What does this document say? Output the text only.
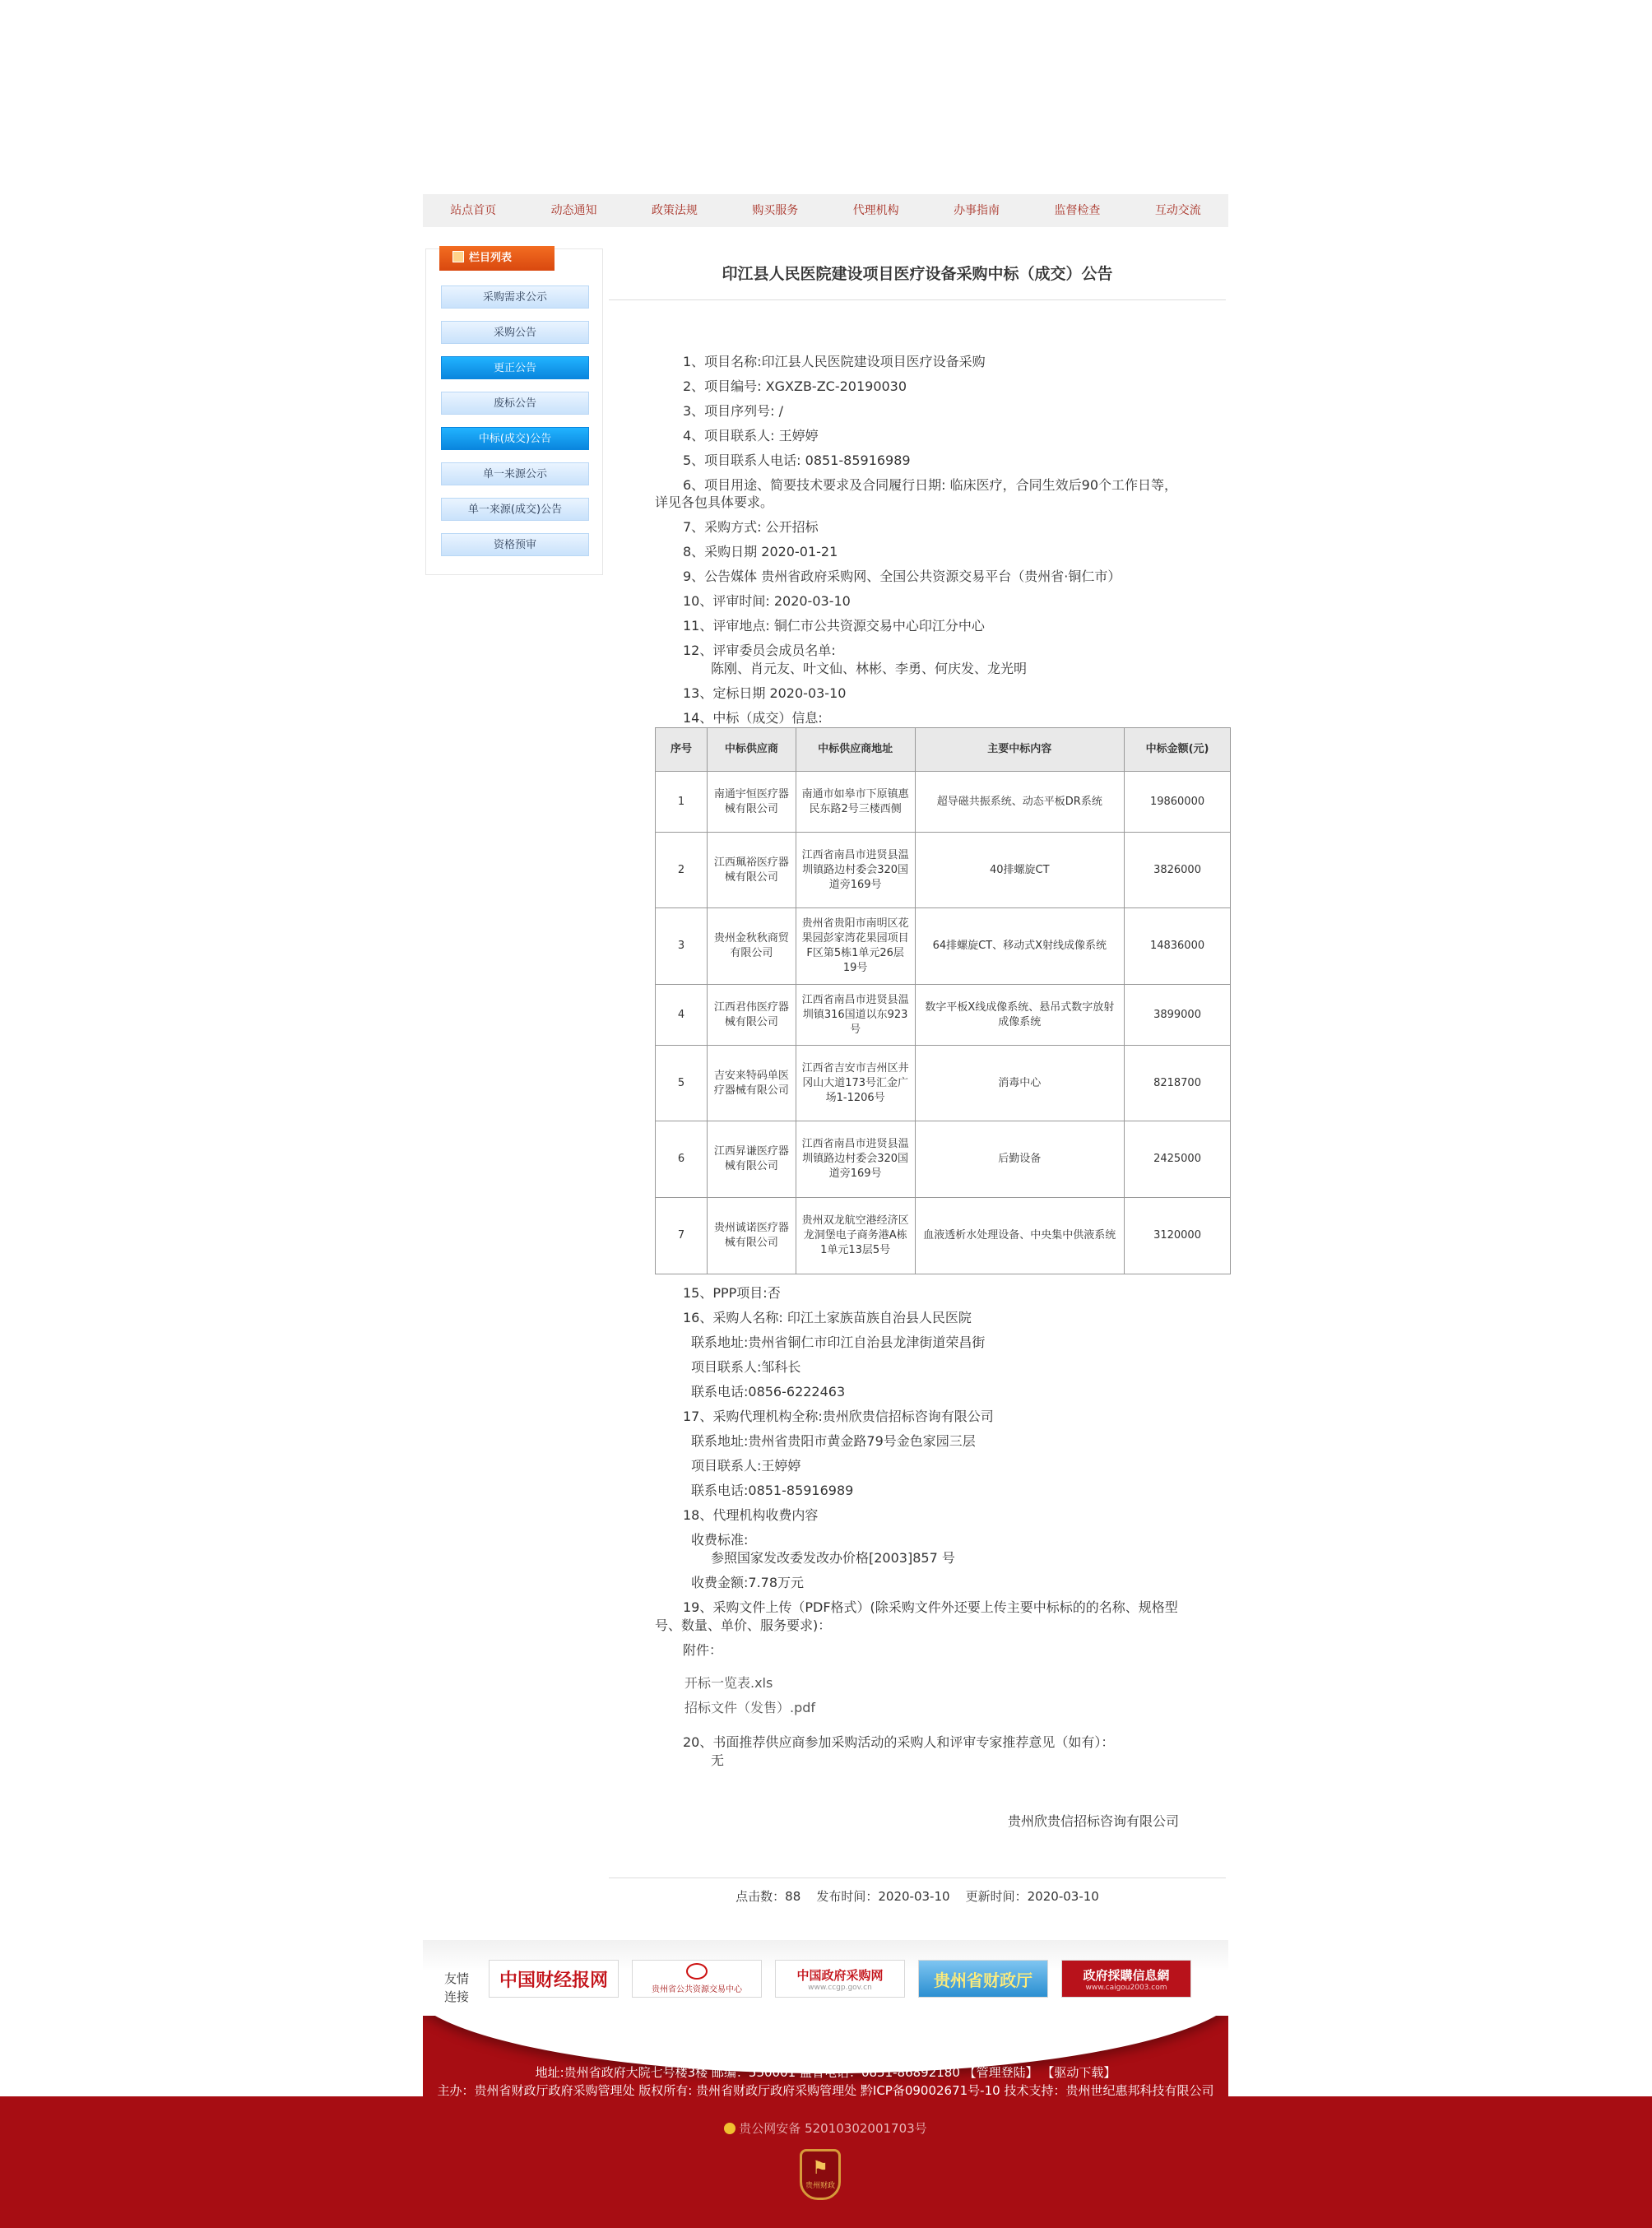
站点首页	动态通知	政策法规	购买服务	代理机构	办事指南	监督检查	互动交流
栏目列表
采购需求公示
采购公告
更正公告
废标公告
中标(成交)公告
单一来源公示
单一来源(成交)公告
资格预审
印江县人民医院建设项目医疗设备采购中标（成交）公告
1、项目名称:印江县人民医院建设项目医疗设备采购
2、项目编号: XGXZB-ZC-20190030
3、项目序列号: /
4、项目联系人: 王婷婷
5、项目联系人电话: 0851-85916989
6、项目用途、简要技术要求及合同履行日期: 临床医疗，合同生效后90个工作日等，
详见各包具体要求。
7、采购方式: 公开招标
8、采购日期 2020-01-21
9、公告媒体 贵州省政府采购网、全国公共资源交易平台（贵州省·铜仁市）
10、评审时间: 2020-03-10
11、评审地点: 铜仁市公共资源交易中心印江分中心
12、评审委员会成员名单:
陈刚、肖元友、叶文仙、林彬、李勇、何庆发、龙光明
13、定标日期 2020-03-10
14、中标（成交）信息:
序号	中标供应商	中标供应商地址	主要中标内容	中标金额(元)
1	南通宇恒医疗器械有限公司	南通市如皋市下原镇惠民东路2号三楼西侧	超导磁共振系统、动态平板DR系统	19860000
2	江西珮裕医疗器械有限公司	江西省南昌市进贤县温圳镇路边村委会320国道旁169号	40排螺旋CT	3826000
3	贵州金秋秋商贸有限公司	贵州省贵阳市南明区花果园彭家湾花果园项目F区第5栋1单元26层19号	64排螺旋CT、移动式X射线成像系统	14836000
4	江西君伟医疗器械有限公司	江西省南昌市进贤县温圳镇316国道以东923号	数字平板X线成像系统、悬吊式数字放射成像系统	3899000
5	吉安来特码单医疗器械有限公司	江西省吉安市吉州区井冈山大道173号汇金广场1-1206号	消毒中心	8218700
6	江西昇谦医疗器械有限公司	江西省南昌市进贤县温圳镇路边村委会320国道旁169号	后勤设备	2425000
7	贵州诚诺医疗器械有限公司	贵州双龙航空港经济区龙洞堡电子商务港A栋1单元13层5号	血液透析水处理设备、中央集中供液系统	3120000
15、PPP项目:否
16、采购人名称: 印江土家族苗族自治县人民医院
联系地址:贵州省铜仁市印江自治县龙津街道荣昌街
项目联系人:邹科长
联系电话:0856-6222463
17、采购代理机构全称:贵州欣贵信招标咨询有限公司
联系地址:贵州省贵阳市黄金路79号金色家园三层
项目联系人:王婷婷
联系电话:0851-85916989
18、代理机构收费内容
收费标准:
参照国家发改委发改办价格[2003]857 号
收费金额:7.78万元
19、采购文件上传（PDF格式）(除采购文件外还要上传主要中标标的的名称、规格型
号、数量、单价、服务要求)：
附件：
开标一览表.xls
招标文件（发售）.pdf
20、书面推荐供应商参加采购活动的采购人和评审专家推荐意见（如有）：
无
贵州欣贵信招标咨询有限公司
点击数：88 发布时间：2020-03-10 更新时间：2020-03-10
友情连接
中国财经报网	贵州省公共资源交易中心
中国政府采购网
www.ccgp.gov.cn	贵州省财政厅	政府採購信息網
www.caigou2003.com
地址:贵州省政府大院七号楼3楼 邮编：550001 监督电话：0851-86892180 【管理登陆】 【驱动下载】
主办：贵州省财政厅政府采购管理处 版权所有: 贵州省财政厅政府采购管理处 黔ICP备09002671号-10 技术支持：贵州世纪惠邦科技有限公司
贵公网安备 52010302001703号
⚑
贵州财政
